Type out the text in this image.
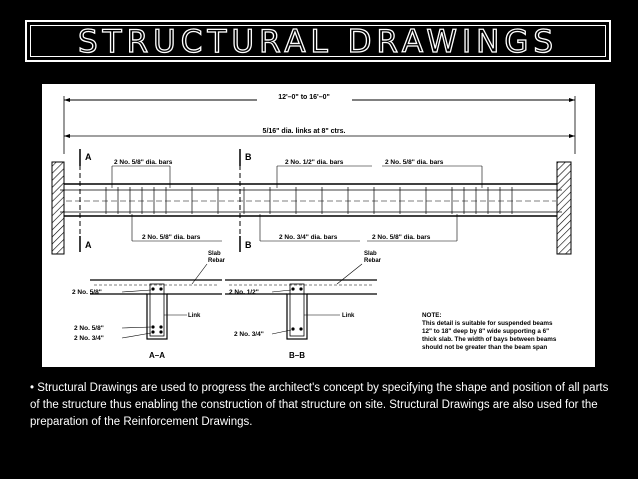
STRUCTURAL DRAWINGS
12'–0" to 16'–0"
5/16" dia. links at 8" ctrs.
A
A
B
B
2 No. 5/8" dia. bars	2 No. 1/2" dia. bars	2 No. 5/8" dia. bars
2 No. 5/8" dia. bars	2 No. 3/4" dia. bars	2 No. 5/8" dia. bars
Slab
Rebar
2 No. 5/8"
Link
2 No. 5/8"
2 No. 3/4"
A–A
Slab
Rebar
2 No. 1/2"
Link
2 No. 3/4"
B–B
NOTE:
This detail is suitable for suspended beams
12" to 18" deep by 8" wide supporting a 6"
thick slab. The width of bays between beams
should not be greater than the beam span
• Structural Drawings are used to progress the architect's concept by specifying the shape and position of all parts of the structure thus enabling the construction of that structure on site. Structural Drawings are also used for the preparation of the Reinforcement Drawings.
